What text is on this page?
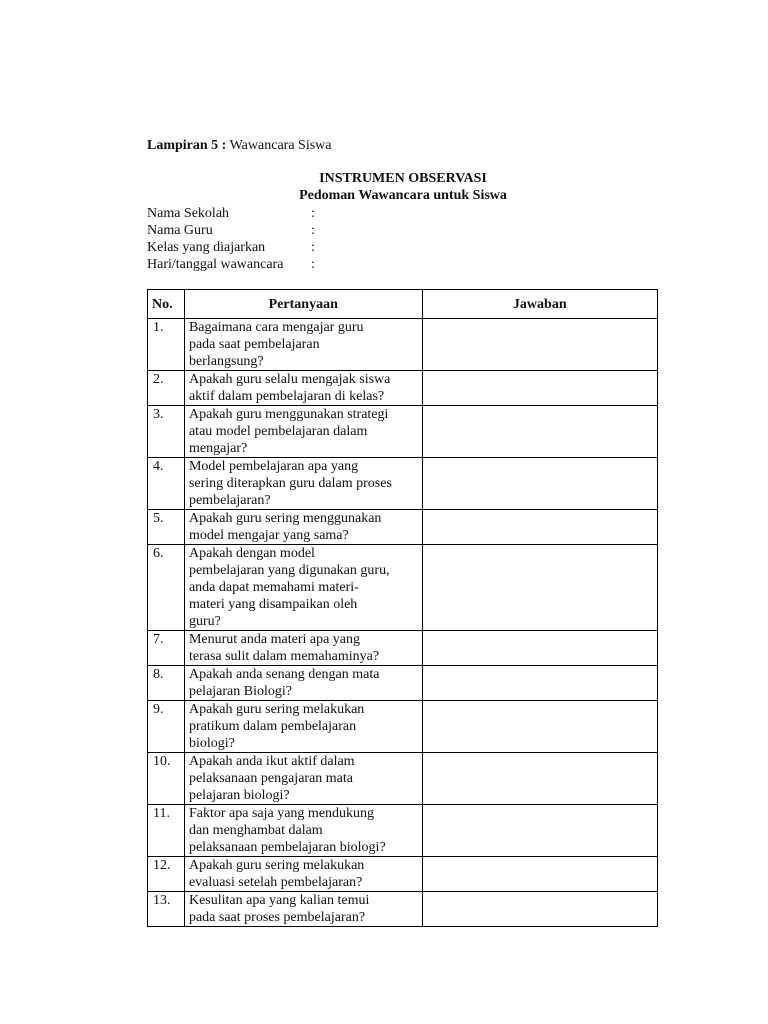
Lampiran 5 : Wawancara Siswa
INSTRUMEN OBSERVASI
Pedoman Wawancara untuk Siswa
Nama Sekolah	:
Nama Guru	:
Kelas yang diajarkan	:
Hari/tanggal wawancara :
No.	Pertanyaan	Jawaban
1.	Bagaimana cara mengajar guru
pada saat pembelajaran
berlangsung?	

2.	Apakah guru selalu mengajak siswa
aktif dalam pembelajaran di kelas?	

3.	Apakah guru menggunakan strategi
atau model pembelajaran dalam
mengajar?	

4.	Model pembelajaran apa yang
sering diterapkan guru dalam proses
pembelajaran?	

5.	Apakah guru sering menggunakan
model mengajar yang sama?	

6.	Apakah dengan model
pembelajaran yang digunakan guru,
anda dapat memahami materi-
materi yang disampaikan oleh
guru?	

7.	Menurut anda materi apa yang
terasa sulit dalam memahaminya?	

8.	Apakah anda senang dengan mata
pelajaran Biologi?	

9.	Apakah guru sering melakukan
pratikum dalam pembelajaran
biologi?	

10.	Apakah anda ikut aktif dalam
pelaksanaan pengajaran mata
pelajaran biologi?	

11.	Faktor apa saja yang mendukung
dan menghambat dalam
pelaksanaan pembelajaran biologi?	

12.	Apakah guru sering melakukan
evaluasi setelah pembelajaran?	

13.	Kesulitan apa yang kalian temui
pada saat proses pembelajaran?	
